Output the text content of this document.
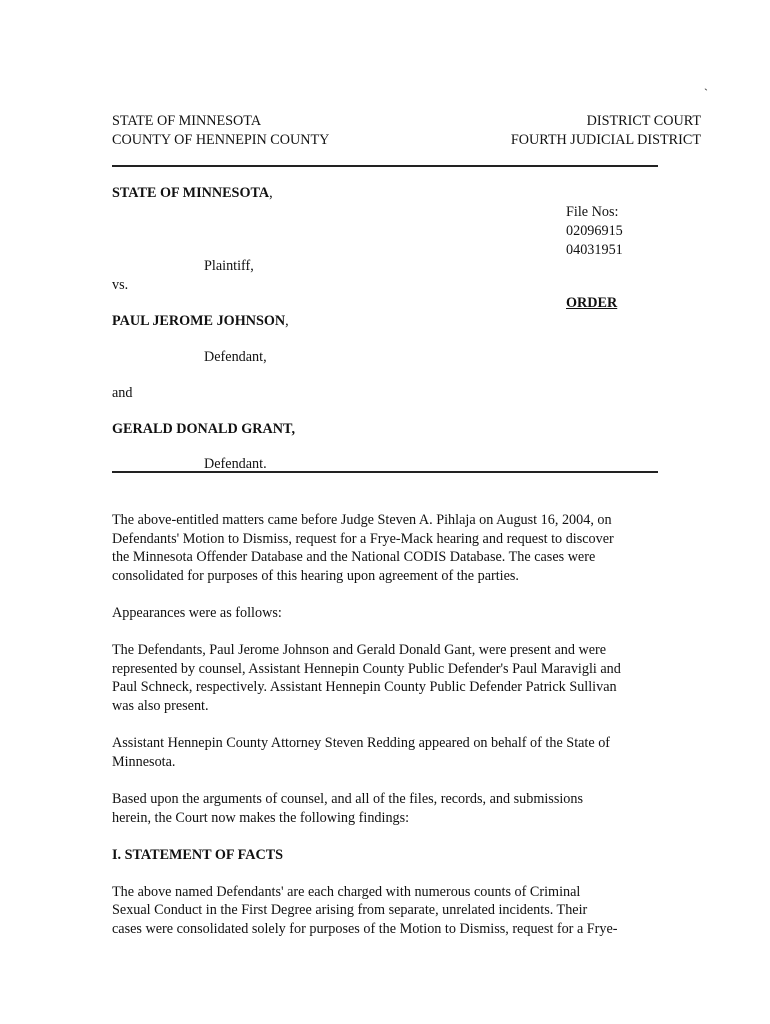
`
STATE OF MINNESOTA
COUNTY OF HENNEPIN COUNTY
DISTRICT COURT
FOURTH JUDICIAL DISTRICT
STATE OF MINNESOTA,
Plaintiff,
vs.
PAUL JEROME JOHNSON,
Defendant,
and
GERALD DONALD GRANT,
Defendant.
File Nos:
02096915
04031951
ORDER
The above-entitled matters came before Judge Steven A. Pihlaja on August 16, 2004, on
Defendants' Motion to Dismiss, request for a Frye-Mack hearing and request to discover
the Minnesota Offender Database and the National CODIS Database. The cases were
consolidated for purposes of this hearing upon agreement of the parties.
Appearances were as follows:
The Defendants, Paul Jerome Johnson and Gerald Donald Gant, were present and were
represented by counsel, Assistant Hennepin County Public Defender's Paul Maravigli and
Paul Schneck, respectively. Assistant Hennepin County Public Defender Patrick Sullivan
was also present.
Assistant Hennepin County Attorney Steven Redding appeared on behalf of the State of
Minnesota.
Based upon the arguments of counsel, and all of the files, records, and submissions
herein, the Court now makes the following findings:
I. STATEMENT OF FACTS
The above named Defendants' are each charged with numerous counts of Criminal
Sexual Conduct in the First Degree arising from separate, unrelated incidents. Their
cases were consolidated solely for purposes of the Motion to Dismiss, request for a Frye-
